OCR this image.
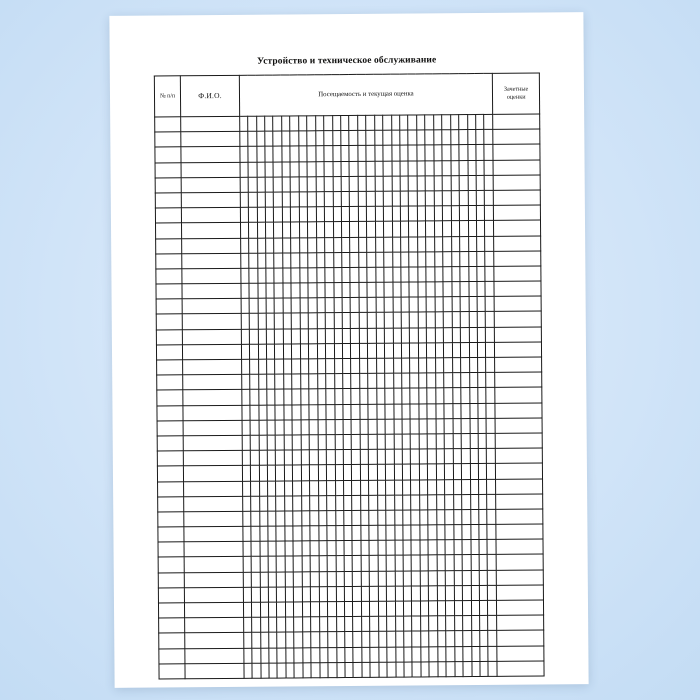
Устройство и техническое обслуживание
№ п/п	Ф.И.О.	Посещаемость и текущая оценка																														Зачетные
оценки
